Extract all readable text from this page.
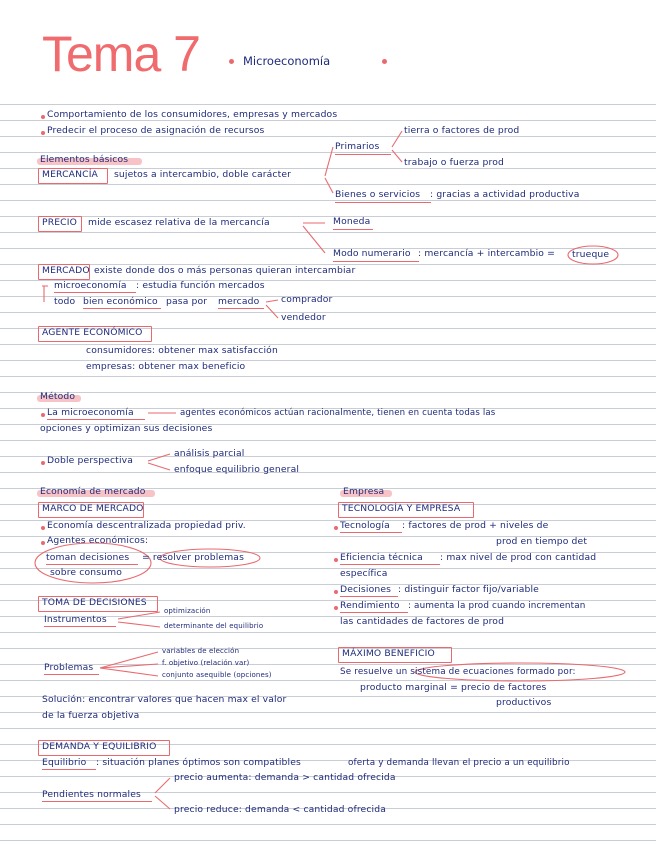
Tema 7	Microeconomía
Comportamiento de los consumidores, empresas y mercados
Predecir el proceso de asignación de recursos
Elementos básicos
MERCANCÍA sujetos a intercambio, doble carácter
Primarios
tierra o factores de prod
trabajo o fuerza prod
Bienes o servicios : gracias a actividad productiva
PRECIO mide escasez relativa de la mercancía	Moneda
Modo numerario : mercancía + intercambio = trueque
MERCADO existe donde dos o más personas quieran intercambiar
microeconomía : estudia función mercados
todo bien económico pasa por mercado comprador
vendedor
AGENTE ECONÓMICO
consumidores: obtener max satisfacción
empresas: obtener max beneficio
Método
La microeconomía	agentes económicos actúan racionalmente, tienen en cuenta todas las
opciones y optimizan sus decisiones
Doble perspectiva
análisis parcial
enfoque equilibrio general
Economía de mercado
MARCO DE MERCADO
Economía descentralizada propiedad priv.
Agentes económicos:
toman decisiones = resolver problemas
sobre consumo
Empresa
TECNOLOGÍA Y EMPRESA
Tecnología : factores de prod + niveles de
prod en tiempo det
Eficiencia técnica : max nivel de prod con cantidad
específica
Decisiones : distinguir factor fijo/variable
Rendimiento : aumenta la prod cuando incrementan
las cantidades de factores de prod
TOMA DE DECISIONES
Instrumentos
optimización
determinante del equilibrio
Problemas
variables de elección
f. objetivo (relación var)
conjunto asequible (opciones)
Solución: encontrar valores que hacen max el valor
de la fuerza objetiva
MÁXIMO BENEFICIO
Se resuelve un sistema de ecuaciones formado por:
producto marginal = precio de factores
productivos
DEMANDA Y EQUILIBRIO
Equilibrio : situación planes óptimos son compatibles	oferta y demanda llevan el precio a un equilibrio
Pendientes normales
precio aumenta: demanda > cantidad ofrecida
precio reduce: demanda < cantidad ofrecida
